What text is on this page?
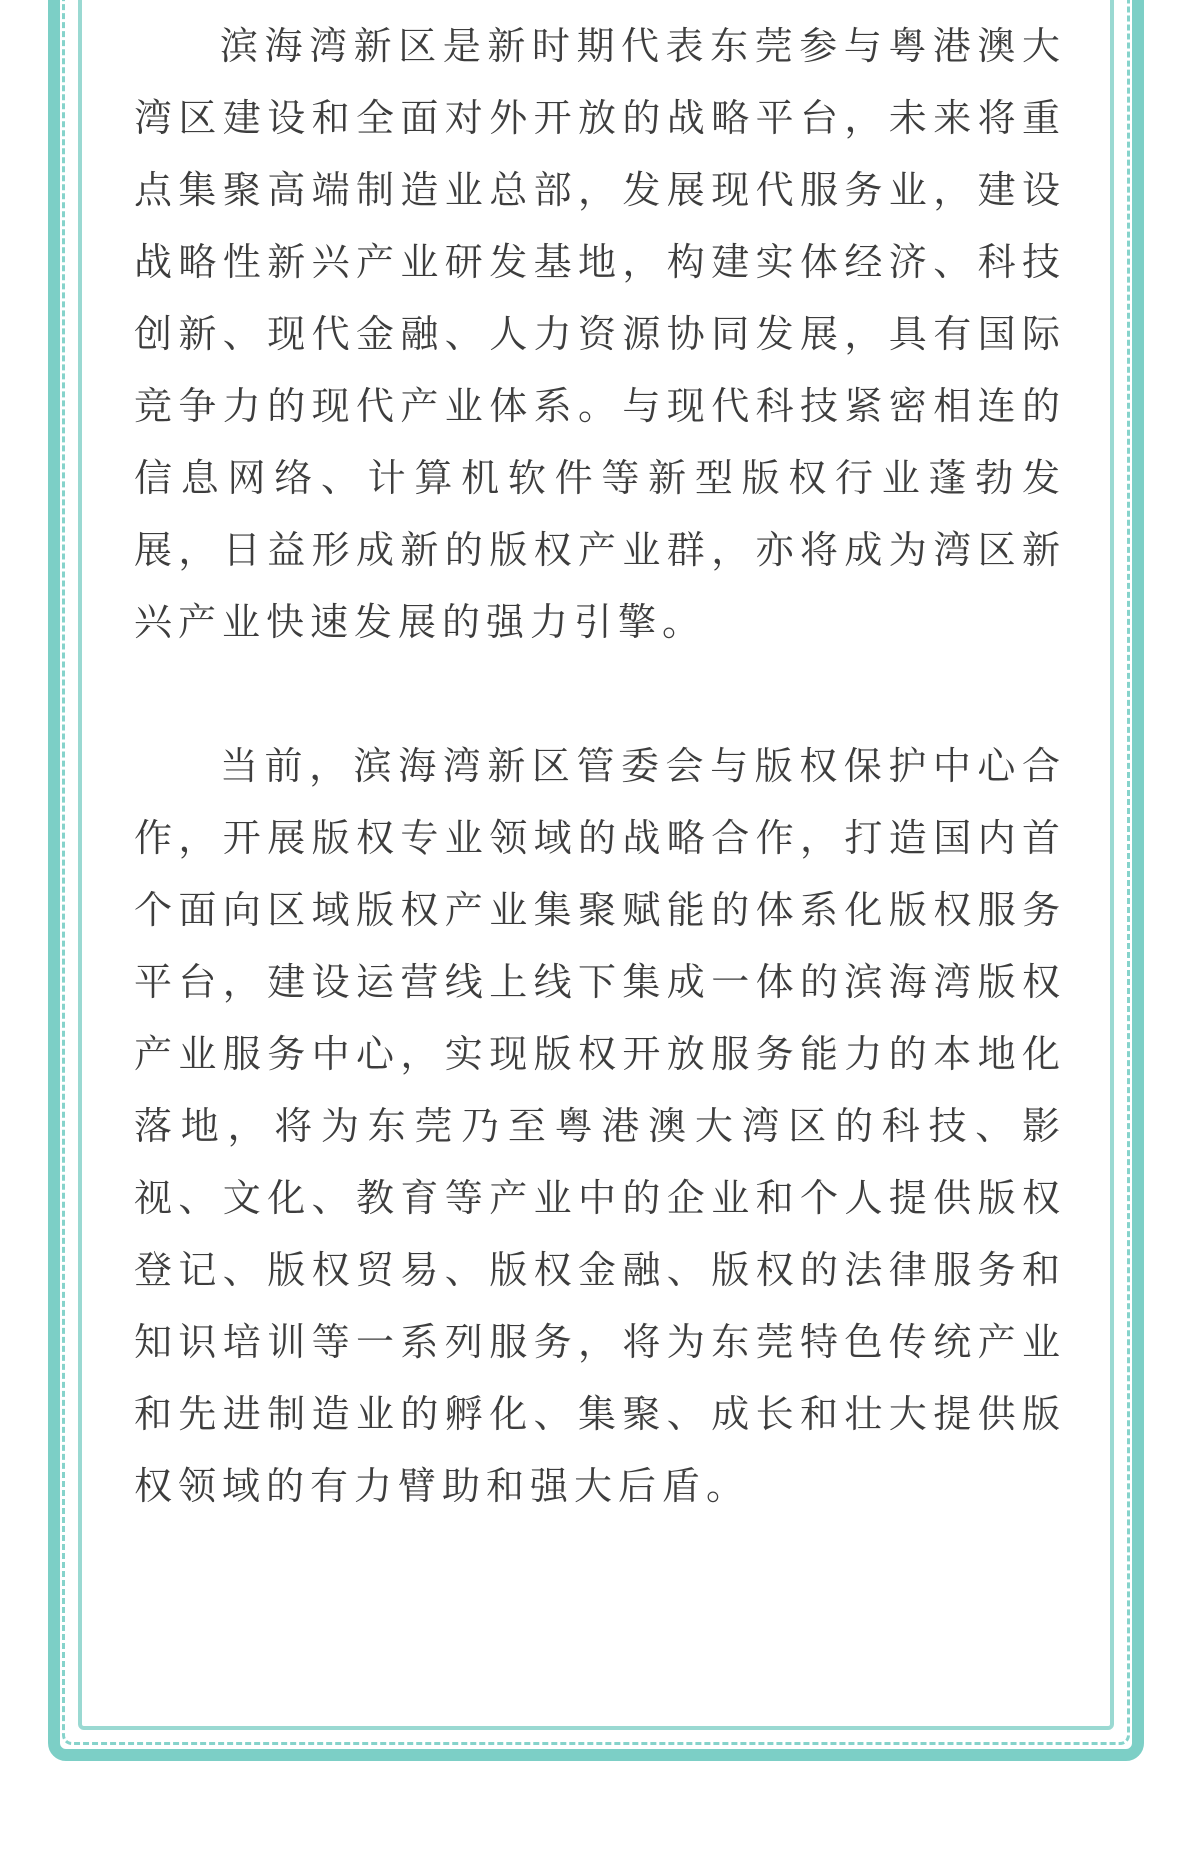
滨海湾新区是新时期代表东莞参与粤港澳大湾区建设和全面对外开放的战略平台，未来将重点集聚高端制造业总部，发展现代服务业，建设战略性新兴产业研发基地，构建实体经济、科技创新、现代金融、人力资源协同发展，具有国际竞争力的现代产业体系。与现代科技紧密相连的信息网络、计算机软件等新型版权行业蓬勃发展，日益形成新的版权产业群，亦将成为湾区新兴产业快速发展的强力引擎。

当前，滨海湾新区管委会与版权保护中心合作，开展版权专业领域的战略合作，打造国内首个面向区域版权产业集聚赋能的体系化版权服务平台，建设运营线上线下集成一体的滨海湾版权产业服务中心，实现版权开放服务能力的本地化落地，将为东莞乃至粤港澳大湾区的科技、影视、文化、教育等产业中的企业和个人提供版权登记、版权贸易、版权金融、版权的法律服务和知识培训等一系列服务，将为东莞特色传统产业和先进制造业的孵化、集聚、成长和壮大提供版权领域的有力臂助和强大后盾。
